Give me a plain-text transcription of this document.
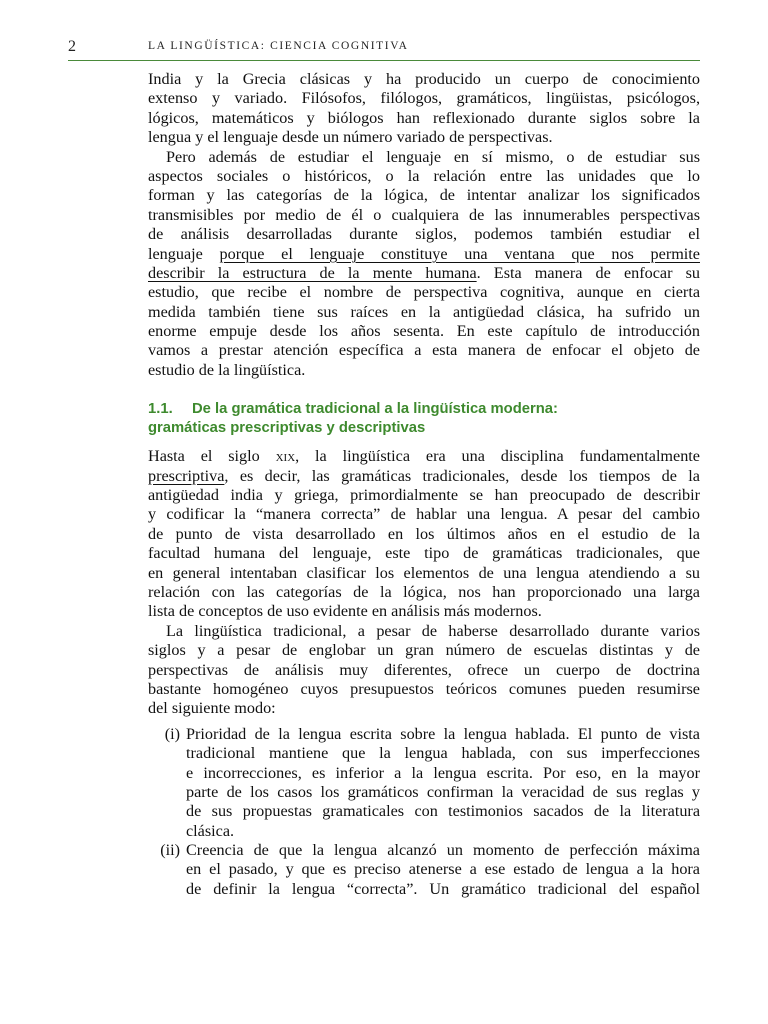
2	LA LINGÜÍSTICA: CIENCIA COGNITIVA
India y la Grecia clásicas y ha producido un cuerpo de conocimiento
extenso y variado. Filósofos, filólogos, gramáticos, lingüistas, psicólogos,
lógicos, matemáticos y biólogos han reflexionado durante siglos sobre la
lengua y el lenguaje desde un número variado de perspectivas.
Pero además de estudiar el lenguaje en sí mismo, o de estudiar sus
aspectos sociales o históricos, o la relación entre las unidades que lo
forman y las categorías de la lógica, de intentar analizar los significados
transmisibles por medio de él o cualquiera de las innumerables perspectivas
de análisis desarrolladas durante siglos, podemos también estudiar el
lenguaje porque el lenguaje constituye una ventana que nos permite
describir la estructura de la mente humana. Esta manera de enfocar su
estudio, que recibe el nombre de perspectiva cognitiva, aunque en cierta
medida también tiene sus raíces en la antigüedad clásica, ha sufrido un
enorme empuje desde los años sesenta. En este capítulo de introducción
vamos a prestar atención específica a esta manera de enfocar el objeto de
estudio de la lingüística.
1.1. De la gramática tradicional a la lingüística moderna:
gramáticas prescriptivas y descriptivas
Hasta el siglo xix, la lingüística era una disciplina fundamentalmente
prescriptiva, es decir, las gramáticas tradicionales, desde los tiempos de la
antigüedad india y griega, primordialmente se han preocupado de describir
y codificar la “manera correcta” de hablar una lengua. A pesar del cambio
de punto de vista desarrollado en los últimos años en el estudio de la
facultad humana del lenguaje, este tipo de gramáticas tradicionales, que
en general intentaban clasificar los elementos de una lengua atendiendo a su
relación con las categorías de la lógica, nos han proporcionado una larga
lista de conceptos de uso evidente en análisis más modernos.
La lingüística tradicional, a pesar de haberse desarrollado durante varios
siglos y a pesar de englobar un gran número de escuelas distintas y de
perspectivas de análisis muy diferentes, ofrece un cuerpo de doctrina
bastante homogéneo cuyos presupuestos teóricos comunes pueden resumirse
del siguiente modo:
(i) Prioridad de la lengua escrita sobre la lengua hablada. El punto de vista
tradicional mantiene que la lengua hablada, con sus imperfecciones
e incorrecciones, es inferior a la lengua escrita. Por eso, en la mayor
parte de los casos los gramáticos confirman la veracidad de sus reglas y
de sus propuestas gramaticales con testimonios sacados de la literatura
clásica.
(ii) Creencia de que la lengua alcanzó un momento de perfección máxima
en el pasado, y que es preciso atenerse a ese estado de lengua a la hora
de definir la lengua “correcta”. Un gramático tradicional del español
